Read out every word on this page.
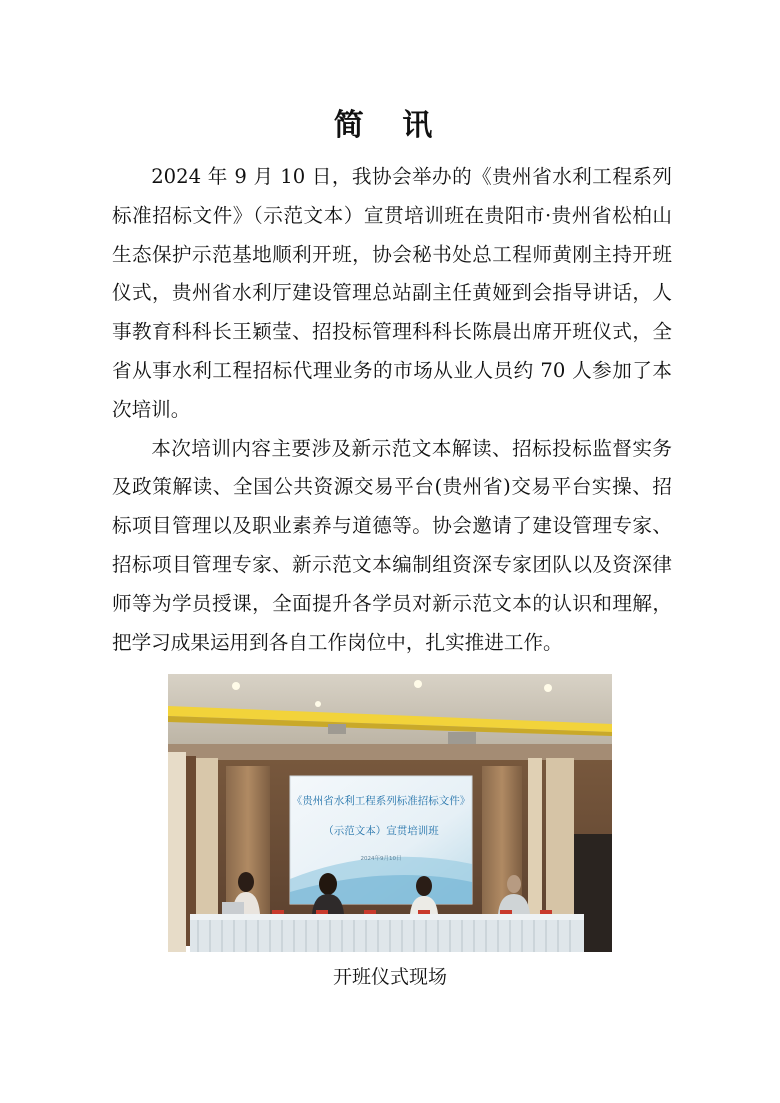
简 讯

2024 年 9 月 10 日，我协会举办的《贵州省水利工程系列标准招标文件》（示范文本）宣贯培训班在贵阳市·贵州省松柏山生态保护示范基地顺利开班，协会秘书处总工程师黄刚主持开班仪式，贵州省水利厅建设管理总站副主任黄娅到会指导讲话，人事教育科科长王颖莹、招投标管理科科长陈晨出席开班仪式，全省从事水利工程招标代理业务的市场从业人员约 70 人参加了本次培训。

本次培训内容主要涉及新示范文本解读、招标投标监督实务及政策解读、全国公共资源交易平台(贵州省)交易平台实操、招标项目管理以及职业素养与道德等。协会邀请了建设管理专家、招标项目管理专家、新示范文本编制组资深专家团队以及资深律师等为学员授课，全面提升各学员对新示范文本的认识和理解，把学习成果运用到各自工作岗位中，扎实推进工作。

《贵州省水利工程系列标准招标文件》
（示范文本）宣贯培训班
2024年9月10日
开班仪式现场
